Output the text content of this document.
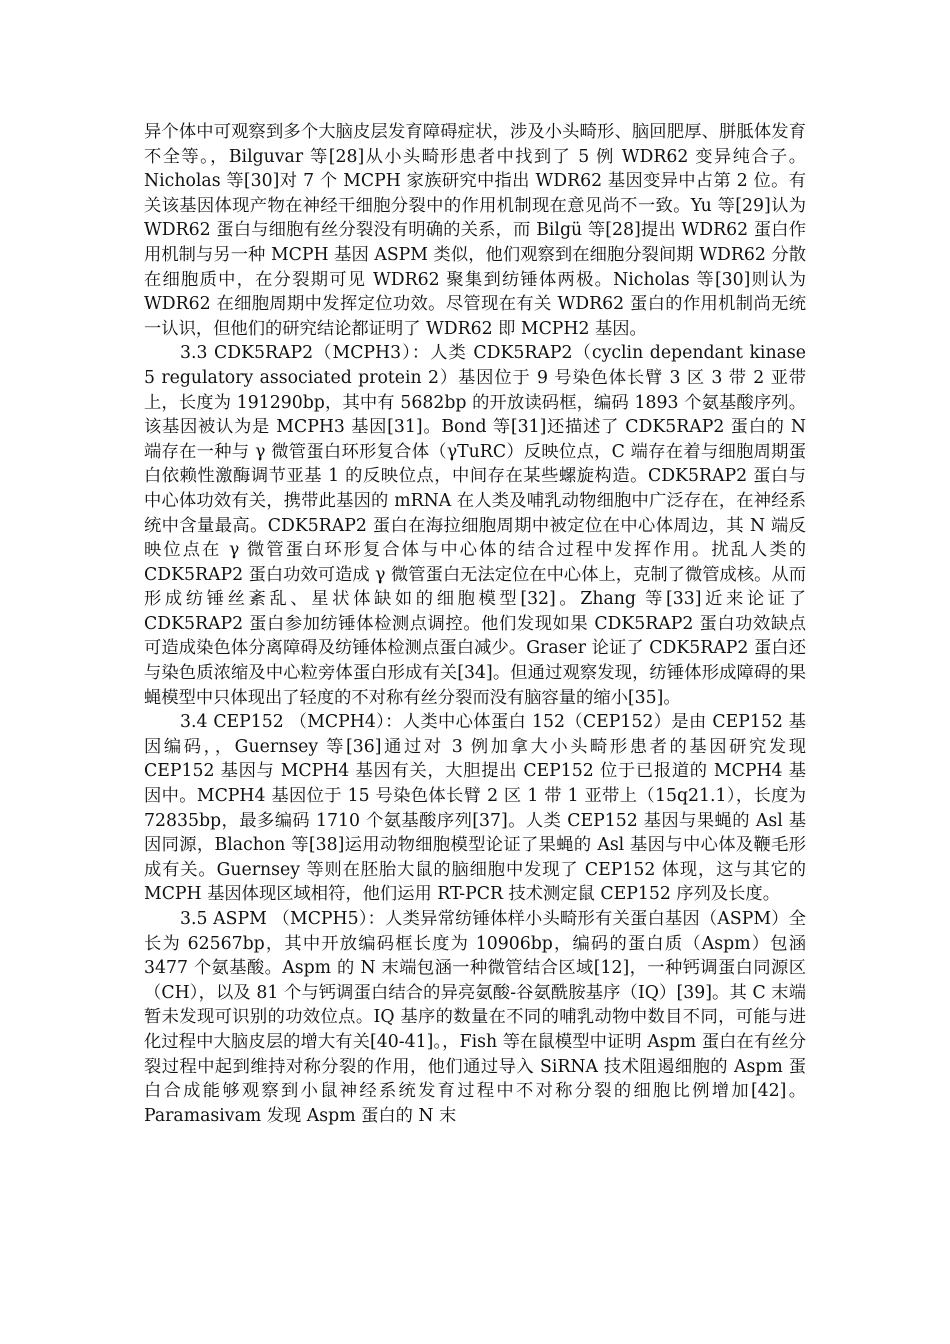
异个体中可观察到多个大脑皮层发育障碍症状，涉及小头畸形、脑回肥厚、胼胝体发育不全等。，Bilguvar 等[28]从小头畸形患者中找到了 5 例 WDR62 变异纯合子。Nicholas 等[30]对 7 个 MCPH 家族研究中指出 WDR62 基因变异中占第 2 位。有关该基因体现产物在神经干细胞分裂中的作用机制现在意见尚不一致。Yu 等[29]认为 WDR62 蛋白与细胞有丝分裂没有明确的关系，而 Bilgü 等[28]提出 WDR62 蛋白作用机制与另一种 MCPH 基因 ASPM 类似，他们观察到在细胞分裂间期 WDR62 分散在细胞质中，在分裂期可见 WDR62 聚集到纺锤体两极。Nicholas 等[30]则认为 WDR62 在细胞周期中发挥定位功效。尽管现在有关 WDR62 蛋白的作用机制尚无统一认识，但他们的研究结论都证明了 WDR62 即 MCPH2 基因。

3.3 CDK5RAP2（MCPH3）：人类 CDK5RAP2（cyclin dependant kinase 5 regulatory associated protein 2）基因位于 9 号染色体长臂 3 区 3 带 2 亚带上，长度为 191290bp，其中有 5682bp 的开放读码框，编码 1893 个氨基酸序列。该基因被认为是 MCPH3 基因[31]。Bond 等[31]还描述了 CDK5RAP2 蛋白的 N 端存在一种与 γ 微管蛋白环形复合体（γTuRC）反映位点，C 端存在着与细胞周期蛋白依赖性激酶调节亚基 1 的反映位点，中间存在某些螺旋构造。CDK5RAP2 蛋白与中心体功效有关，携带此基因的 mRNA 在人类及哺乳动物细胞中广泛存在，在神经系统中含量最高。CDK5RAP2 蛋白在海拉细胞周期中被定位在中心体周边，其 N 端反映位点在 γ 微管蛋白环形复合体与中心体的结合过程中发挥作用。扰乱人类的 CDK5RAP2 蛋白功效可造成 γ 微管蛋白无法定位在中心体上，克制了微管成核。从而形成纺锤丝紊乱、星状体缺如的细胞模型[32]。Zhang 等[33]近来论证了 CDK5RAP2 蛋白参加纺锤体检测点调控。他们发现如果 CDK5RAP2 蛋白功效缺点可造成染色体分离障碍及纺锤体检测点蛋白减少。Graser 论证了 CDK5RAP2 蛋白还与染色质浓缩及中心粒旁体蛋白形成有关[34]。但通过观察发现，纺锤体形成障碍的果蝇模型中只体现出了轻度的不对称有丝分裂而没有脑容量的缩小[35]。

3.4 CEP152 （MCPH4）：人类中心体蛋白 152（CEP152）是由 CEP152 基因编码，，Guernsey 等[36]通过对 3 例加拿大小头畸形患者的基因研究发现 CEP152 基因与 MCPH4 基因有关，大胆提出 CEP152 位于已报道的 MCPH4 基因中。MCPH4 基因位于 15 号染色体长臂 2 区 1 带 1 亚带上（15q21.1），长度为 72835bp，最多编码 1710 个氨基酸序列[37]。人类 CEP152 基因与果蝇的 Asl 基因同源，Blachon 等[38]运用动物细胞模型论证了果蝇的 Asl 基因与中心体及鞭毛形成有关。Guernsey 等则在胚胎大鼠的脑细胞中发现了 CEP152 体现，这与其它的 MCPH 基因体现区域相符，他们运用 RT-PCR 技术测定鼠 CEP152 序列及长度。

3.5 ASPM （MCPH5）：人类异常纺锤体样小头畸形有关蛋白基因（ASPM）全长为 62567bp，其中开放编码框长度为 10906bp，编码的蛋白质（Aspm）包涵 3477 个氨基酸。Aspm 的 N 末端包涵一种微管结合区域[12]，一种钙调蛋白同源区（CH），以及 81 个与钙调蛋白结合的异亮氨酸-谷氨酰胺基序（IQ）[39]。其 C 末端暂未发现可识别的功效位点。IQ 基序的数量在不同的哺乳动物中数目不同，可能与进化过程中大脑皮层的增大有关[40-41]。，Fish 等在鼠模型中证明 Aspm 蛋白在有丝分裂过程中起到维持对称分裂的作用，他们通过导入 SiRNA 技术阻遏细胞的 Aspm 蛋白合成能够观察到小鼠神经系统发育过程中不对称分裂的细胞比例增加[42]。Paramasivam 发现 Aspm 蛋白的 N 末
